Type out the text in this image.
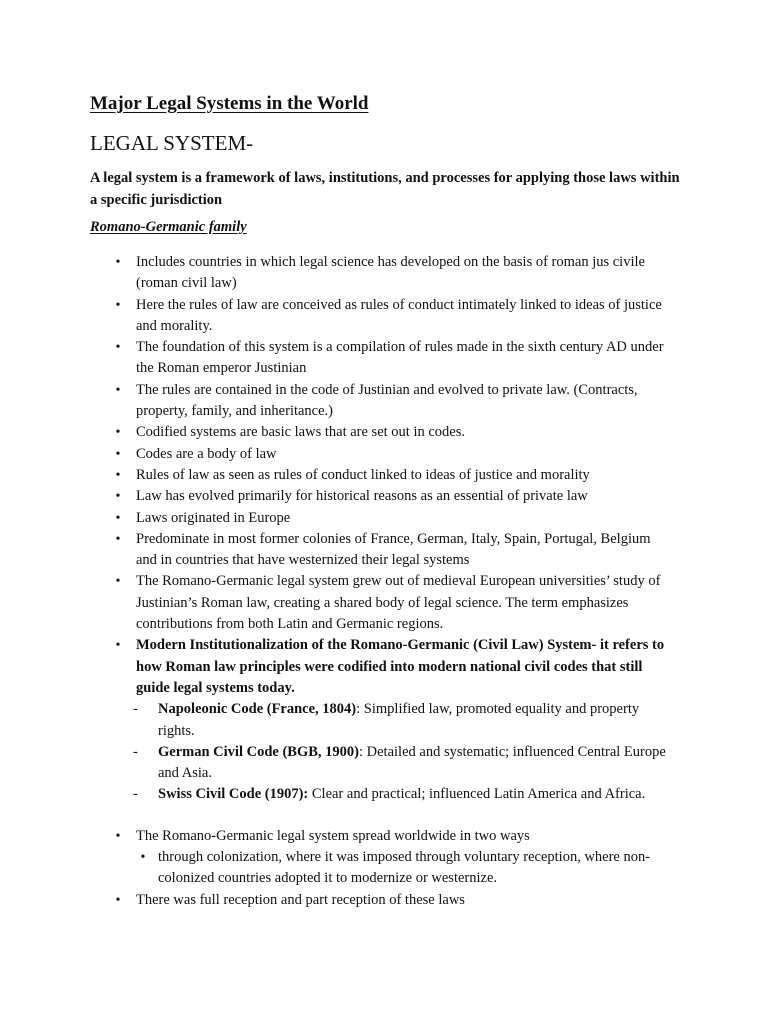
Major Legal Systems in the World
LEGAL SYSTEM-
A legal system is a framework of laws, institutions, and processes for applying those laws within a specific jurisdiction
Romano-Germanic family
• Includes countries in which legal science has developed on the basis of roman jus civile (roman civil law)
• Here the rules of law are conceived as rules of conduct intimately linked to ideas of justice and morality.
• The foundation of this system is a compilation of rules made in the sixth century AD under the Roman emperor Justinian
• The rules are contained in the code of Justinian and evolved to private law. (Contracts, property, family, and inheritance.)
• Codified systems are basic laws that are set out in codes.
• Codes are a body of law
• Rules of law as seen as rules of conduct linked to ideas of justice and morality
• Law has evolved primarily for historical reasons as an essential of private law
• Laws originated in Europe
• Predominate in most former colonies of France, German, Italy, Spain, Portugal, Belgium and in countries that have westernized their legal systems
• The Romano-Germanic legal system grew out of medieval European universities’ study of Justinian’s Roman law, creating a shared body of legal science. The term emphasizes contributions from both Latin and Germanic regions.
• Modern Institutionalization of the Romano-Germanic (Civil Law) System- it refers to how Roman law principles were codified into modern national civil codes that still guide legal systems today.
- Napoleonic Code (France, 1804): Simplified law, promoted equality and property rights.
- German Civil Code (BGB, 1900): Detailed and systematic; influenced Central Europe and Asia.
- Swiss Civil Code (1907): Clear and practical; influenced Latin America and Africa.
• The Romano-Germanic legal system spread worldwide in two ways
• through colonization, where it was imposed through voluntary reception, where non-colonized countries adopted it to modernize or westernize.
• There was full reception and part reception of these laws
